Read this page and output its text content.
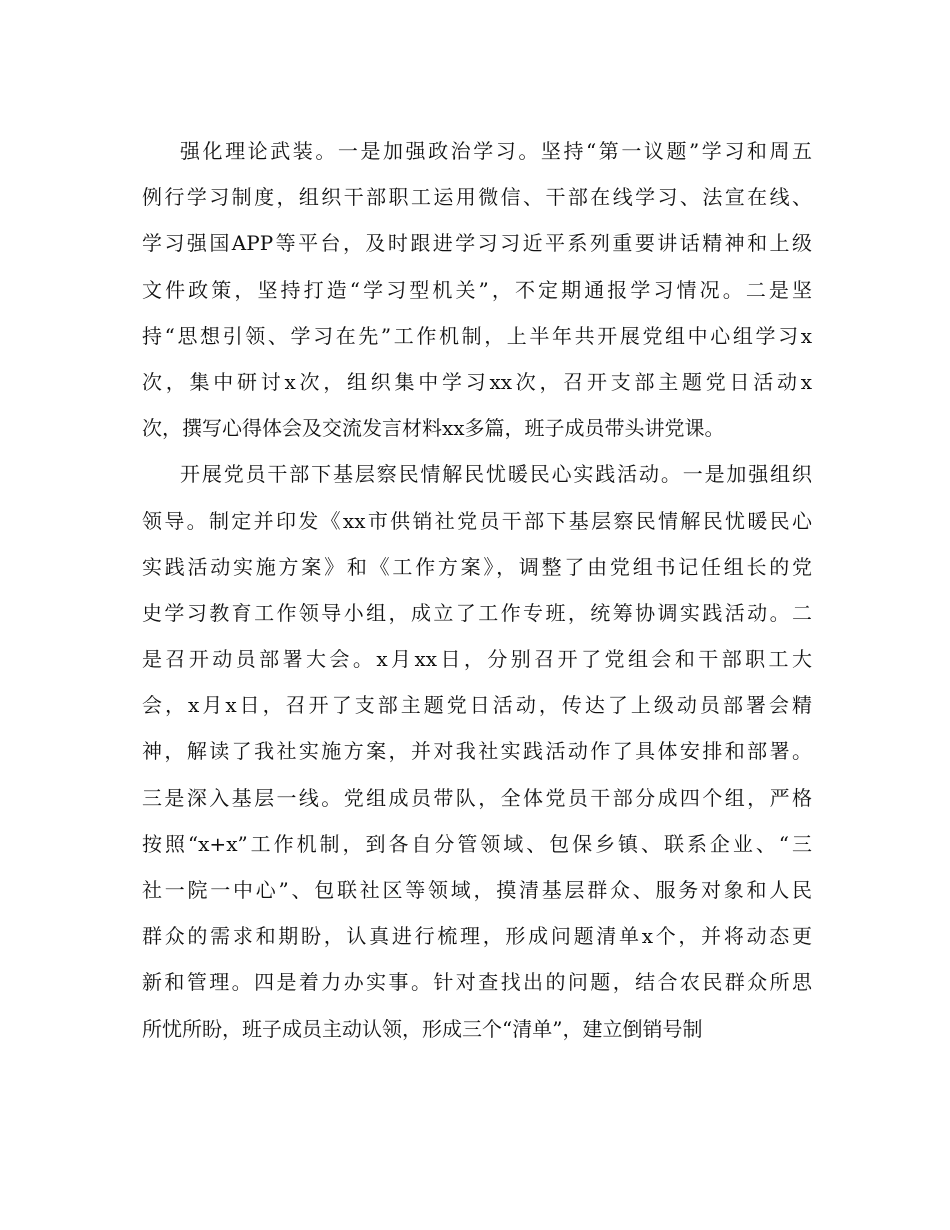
强化理论武装。一是加强政治学习。坚持“第一议题”学习和周五
例行学习制度，组织干部职工运用微信、干部在线学习、法宣在线、
学习强国APP等平台，及时跟进学习习近平系列重要讲话精神和上级
文件政策，坚持打造“学习型机关”，不定期通报学习情况。二是坚
持“思想引领、学习在先”工作机制，上半年共开展党组中心组学习x
次，集中研讨x次，组织集中学习xx次，召开支部主题党日活动x
次，撰写心得体会及交流发言材料xx多篇，班子成员带头讲党课。
开展党员干部下基层察民情解民忧暖民心实践活动。一是加强组织
领导。制定并印发《xx市供销社党员干部下基层察民情解民忧暖民心
实践活动实施方案》和《工作方案》，调整了由党组书记任组长的党
史学习教育工作领导小组，成立了工作专班，统筹协调实践活动。二
是召开动员部署大会。x月xx日，分别召开了党组会和干部职工大
会，x月x日，召开了支部主题党日活动，传达了上级动员部署会精
神，解读了我社实施方案，并对我社实践活动作了具体安排和部署。
三是深入基层一线。党组成员带队，全体党员干部分成四个组，严格
按照“x+x”工作机制，到各自分管领域、包保乡镇、联系企业、“三
社一院一中心”、包联社区等领域，摸清基层群众、服务对象和人民
群众的需求和期盼，认真进行梳理，形成问题清单x个，并将动态更
新和管理。四是着力办实事。针对查找出的问题，结合农民群众所思
所忧所盼，班子成员主动认领，形成三个“清单”，建立倒销号制
